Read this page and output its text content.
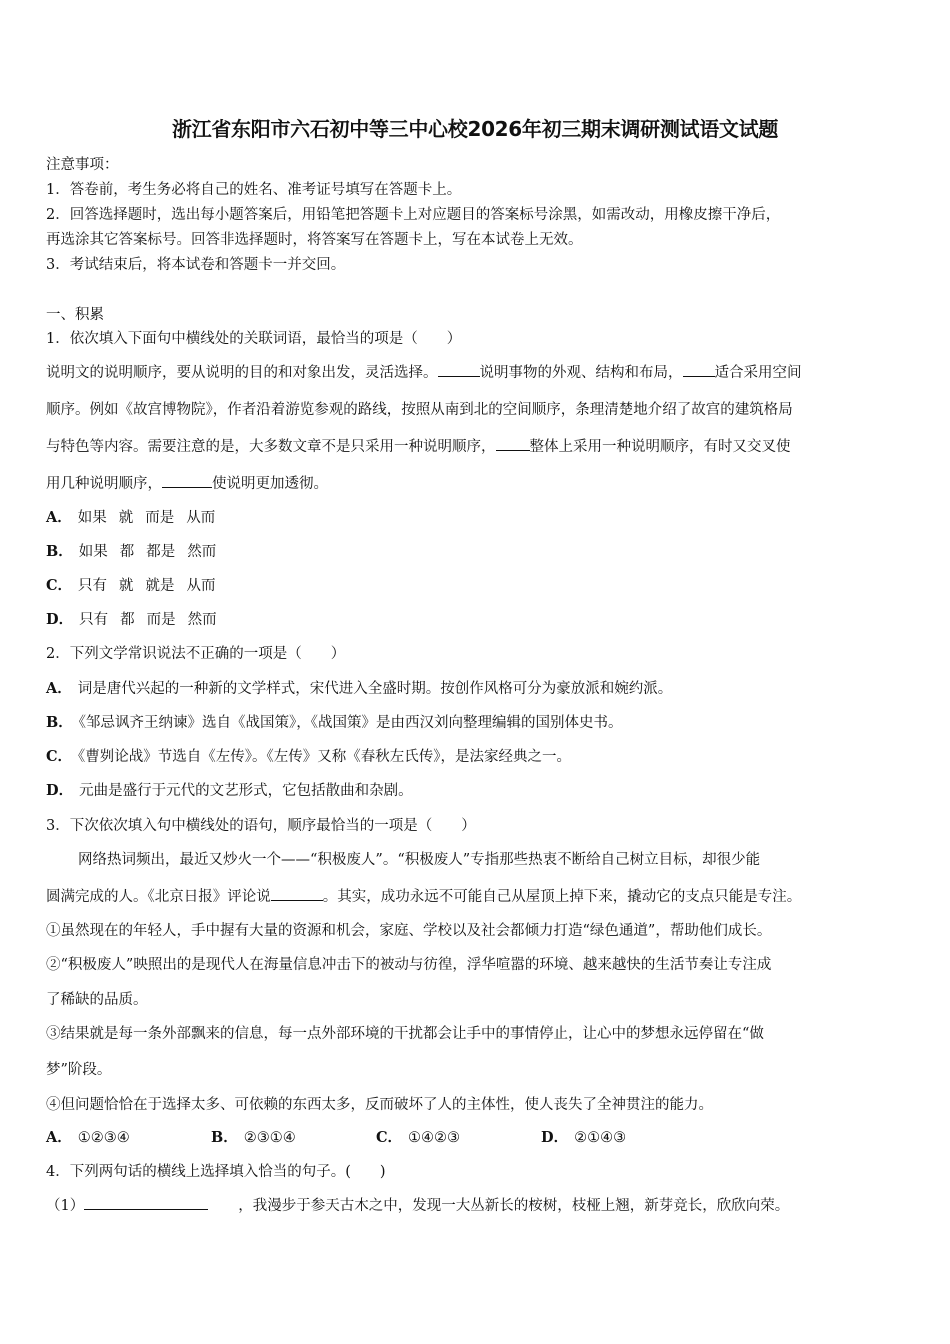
浙江省东阳市六石初中等三中心校2026年初三期末调研测试语文试题
注意事项：
1．答卷前，考生务必将自己的姓名、准考证号填写在答题卡上。
2．回答选择题时，选出每小题答案后，用铅笔把答题卡上对应题目的答案标号涂黑，如需改动，用橡皮擦干净后，
再选涂其它答案标号。回答非选择题时，将答案写在答题卡上，写在本试卷上无效。
3．考试结束后，将本试卷和答题卡一并交回。
一、积累
1．依次填入下面句中横线处的关联词语，最恰当的项是（　　）
说明文的说明顺序，要从说明的目的和对象出发，灵活选择。	说明事物的外观、结构和布局， 适合采用空间
顺序。例如《故宫博物院》，作者沿着游览参观的路线，按照从南到北的空间顺序，条理清楚地介绍了故宫的建筑格局
与特色等内容。需要注意的是，大多数文章不是只采用一种说明顺序， 整体上采用一种说明顺序，有时又交叉使
用几种说明顺序，	使说明更加透彻。
A． 如果 就 而是 从而
B． 如果 都 都是 然而
C． 只有 就 就是 从而
D． 只有 都 而是 然而
2．下列文学常识说法不正确的一项是（　　）
A． 词是唐代兴起的一种新的文学样式，宋代进入全盛时期。按创作风格可分为豪放派和婉约派。
B． 《邹忌讽齐王纳谏》选自《战国策》，《战国策》是由西汉刘向整理编辑的国别体史书。
C． 《曹刿论战》节选自《左传》。《左传》又称《春秋左氏传》，是法家经典之一。
D． 元曲是盛行于元代的文艺形式，它包括散曲和杂剧。
3．下次依次填入句中横线处的语句，顺序最恰当的一项是（　　）
网络热词频出，最近又炒火一个——“积极废人”。“积极废人”专指那些热衷不断给自己树立目标，却很少能
圆满完成的人。《北京日报》评论说	。其实，成功永远不可能自己从屋顶上掉下来，撬动它的支点只能是专注。
①虽然现在的年轻人，手中握有大量的资源和机会，家庭、学校以及社会都倾力打造“绿色通道”，帮助他们成长。
②“积极废人”映照出的是现代人在海量信息冲击下的被动与彷徨，浮华喧嚣的环境、越来越快的生活节奏让专注成
了稀缺的品质。
③结果就是每一条外部飘来的信息，每一点外部环境的干扰都会让手中的事情停止，让心中的梦想永远停留在“做
梦”阶段。
④但问题恰恰在于选择太多、可依赖的东西太多，反而破坏了人的主体性，使人丧失了全神贯注的能力。
A． ①②③④	B． ②③①④	C． ①④②③	D． ②①④③
4．下列两句话的横线上选择填入恰当的句子。(　　)
（1）	，我漫步于参天古木之中，发现一大丛新长的桉树，枝桠上翘，新芽竞长，欣欣向荣。
